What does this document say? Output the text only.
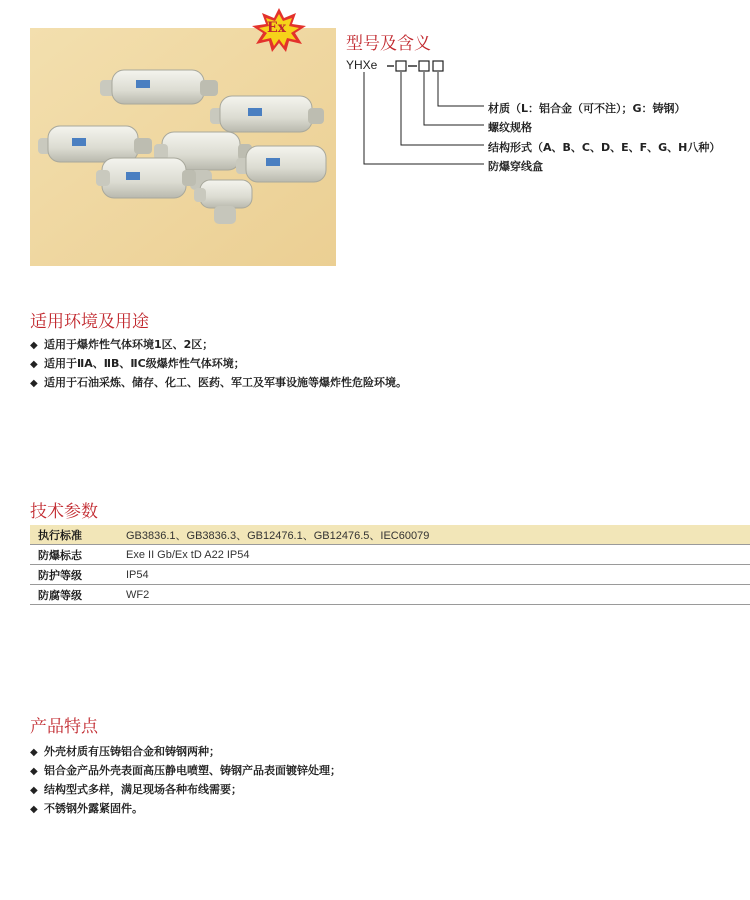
Ex
型号及含义
YHXe
材质（L：铝合金（可不注）；G：铸钢）
螺纹规格
结构形式（A、B、C、D、E、F、G、H八种）
防爆穿线盒
适用环境及用途
◆ 适用于爆炸性气体环境1区、2区；
◆ 适用于ⅡA、ⅡB、ⅡC级爆炸性气体环境；
◆ 适用于石油采炼、储存、化工、医药、军工及军事设施等爆炸性危险环境。
技术参数
执行标准	GB3836.1、GB3836.3、GB12476.1、GB12476.5、IEC60079
防爆标志	Exe II Gb/Ex tD A22 IP54
防护等级	IP54
防腐等级	WF2
产品特点
◆ 外壳材质有压铸铝合金和铸钢两种；
◆ 铝合金产品外壳表面高压静电喷塑、铸钢产品表面镀锌处理；
◆ 结构型式多样，满足现场各种布线需要；
◆ 不锈钢外露紧固件。
